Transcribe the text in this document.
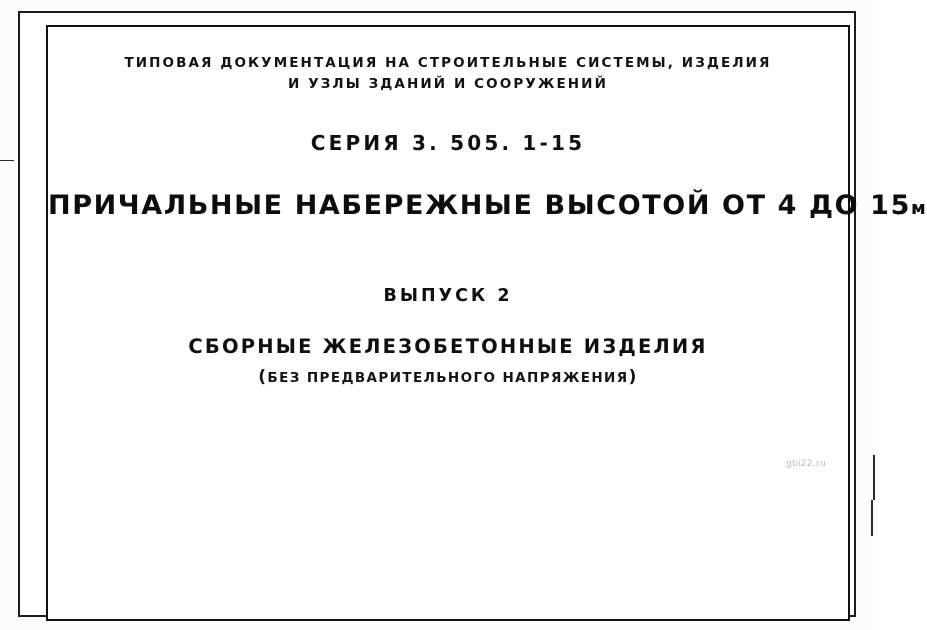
ТИПОВАЯ ДОКУМЕНТАЦИЯ НА СТРОИТЕЛЬНЫЕ СИСТЕМЫ, ИЗДЕЛИЯ
И УЗЛЫ ЗДАНИЙ И СООРУЖЕНИЙ
СЕРИЯ 3. 505. 1-15
ПРИЧАЛЬНЫЕ НАБЕРЕЖНЫЕ ВЫСОТОЙ ОТ 4 ДО 15м
ВЫПУСК 2
СБОРНЫЕ ЖЕЛЕЗОБЕТОННЫЕ ИЗДЕЛИЯ
(БЕЗ ПРЕДВАРИТЕЛЬНОГО НАПРЯЖЕНИЯ)
gbi22.ru
